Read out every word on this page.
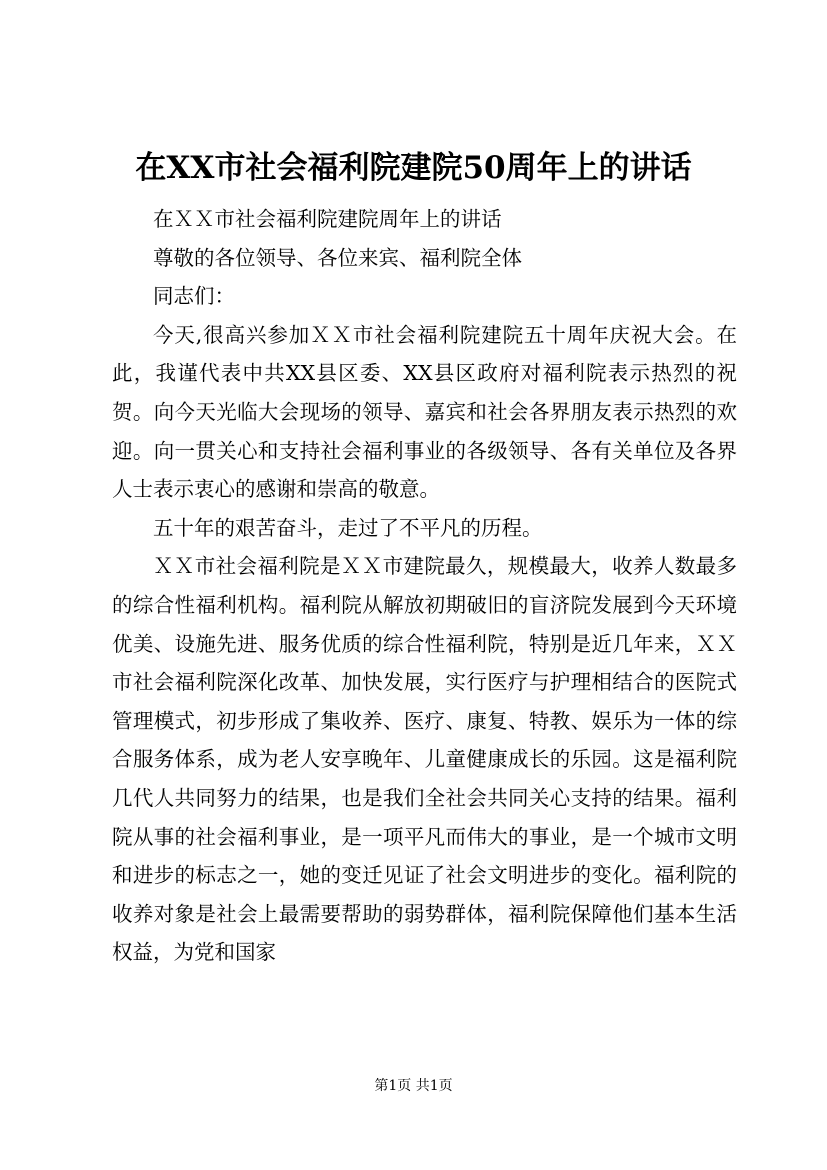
在XX市社会福利院建院50周年上的讲话

在ＸＸ市社会福利院建院周年上的讲话

尊敬的各位领导、各位来宾、福利院全体

同志们：

今天,很高兴参加ＸＸ市社会福利院建院五十周年庆祝大会。在此，我谨代表中共XX县区委、XX县区政府对福利院表示热烈的祝贺。向今天光临大会现场的领导、嘉宾和社会各界朋友表示热烈的欢迎。向一贯关心和支持社会福利事业的各级领导、各有关单位及各界人士表示衷心的感谢和崇高的敬意。

五十年的艰苦奋斗，走过了不平凡的历程。

ＸＸ市社会福利院是ＸＸ市建院最久，规模最大，收养人数最多的综合性福利机构。福利院从解放初期破旧的盲济院发展到今天环境优美、设施先进、服务优质的综合性福利院，特别是近几年来，ＸＸ市社会福利院深化改革、加快发展，实行医疗与护理相结合的医院式管理模式，初步形成了集收养、医疗、康复、特教、娱乐为一体的综合服务体系，成为老人安享晚年、儿童健康成长的乐园。这是福利院几代人共同努力的结果，也是我们全社会共同关心支持的结果。福利院从事的社会福利事业，是一项平凡而伟大的事业，是一个城市文明和进步的标志之一，她的变迁见证了社会文明进步的变化。福利院的收养对象是社会上最需要帮助的弱势群体，福利院保障他们基本生活权益，为党和国家

第1页 共1页
